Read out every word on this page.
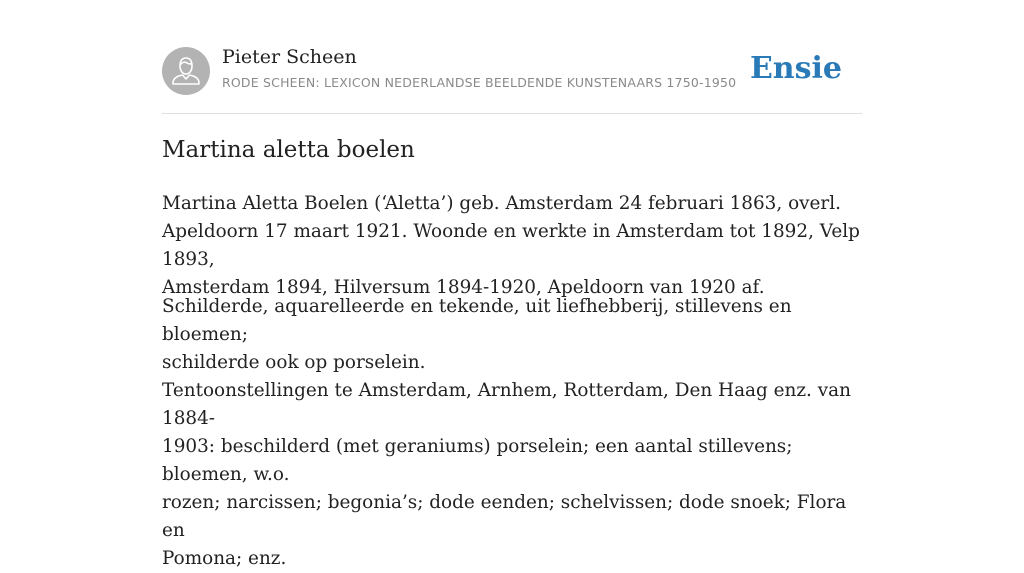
Pieter Scheen
RODE SCHEEN: LEXICON NEDERLANDSE BEELDENDE KUNSTENAARS 1750-1950 Ensie
Martina aletta boelen

Martina Aletta Boelen (‘Aletta’) geb. Amsterdam 24 februari 1863, overl.
Apeldoorn 17 maart 1921. Woonde en werkte in Amsterdam tot 1892, Velp 1893,
Amsterdam 1894, Hilversum 1894-1920, Apeldoorn van 1920 af.

Schilderde, aquarelleerde en tekende, uit liefhebberij, stillevens en bloemen;
schilderde ook op porselein.

Tentoonstellingen te Amsterdam, Arnhem, Rotterdam, Den Haag enz. van 1884-
1903: beschilderd (met geraniums) porselein; een aantal stillevens; bloemen, w.o.
rozen; narcissen; begonia’s; dode eenden; schelvissen; dode snoek; Flora en
Pomona; enz.
